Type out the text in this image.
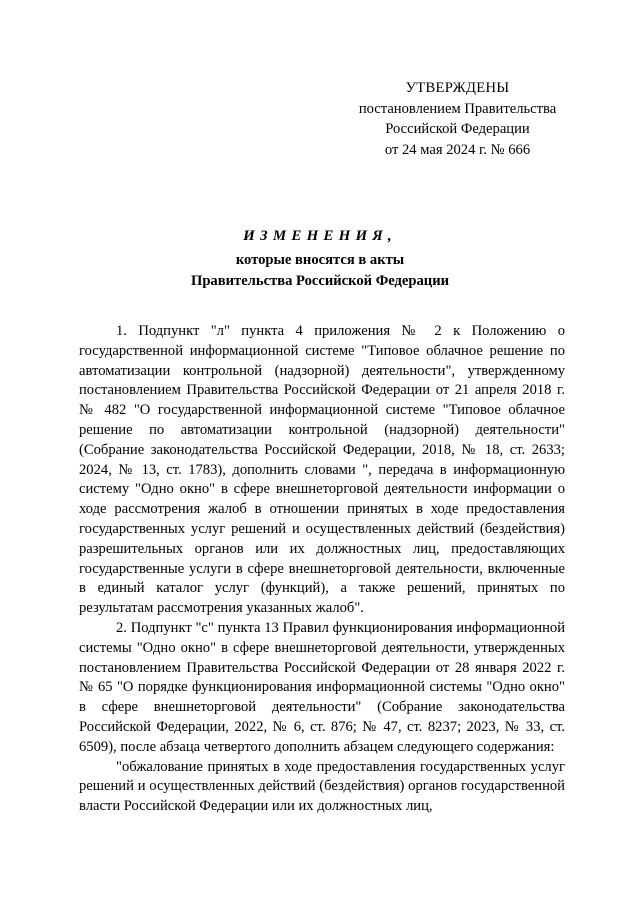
УТВЕРЖДЕНЫ
постановлением Правительства
Российской Федерации
от 24 мая 2024 г. № 666
ИЗМЕНЕНИЯ,
которые вносятся в акты
Правительства Российской Федерации

1. Подпункт "л" пункта 4 приложения № 2 к Положению о государственной информационной системе "Типовое облачное решение по автоматизации контрольной (надзорной) деятельности", утвержденному постановлением Правительства Российской Федерации от 21 апреля 2018 г. № 482 "О государственной информационной системе "Типовое облачное решение по автоматизации контрольной (надзорной) деятельности" (Собрание законодательства Российской Федерации, 2018, № 18, ст. 2633; 2024, № 13, ст. 1783), дополнить словами ", передача в информационную систему "Одно окно" в сфере внешнеторговой деятельности информации о ходе рассмотрения жалоб в отношении принятых в ходе предоставления государственных услуг решений и осуществленных действий (бездействия) разрешительных органов или их должностных лиц, предоставляющих государственные услуги в сфере внешнеторговой деятельности, включенные в единый каталог услуг (функций), а также решений, принятых по результатам рассмотрения указанных жалоб".

2. Подпункт "с" пункта 13 Правил функционирования информационной системы "Одно окно" в сфере внешнеторговой деятельности, утвержденных постановлением Правительства Российской Федерации от 28 января 2022 г. № 65 "О порядке функционирования информационной системы "Одно окно" в сфере внешнеторговой деятельности" (Собрание законодательства Российской Федерации, 2022, № 6, ст. 876; № 47, ст. 8237; 2023, № 33, ст. 6509), после абзаца четвертого дополнить абзацем следующего содержания:

"обжалование принятых в ходе предоставления государственных услуг решений и осуществленных действий (бездействия) органов государственной власти Российской Федерации или их должностных лиц,
